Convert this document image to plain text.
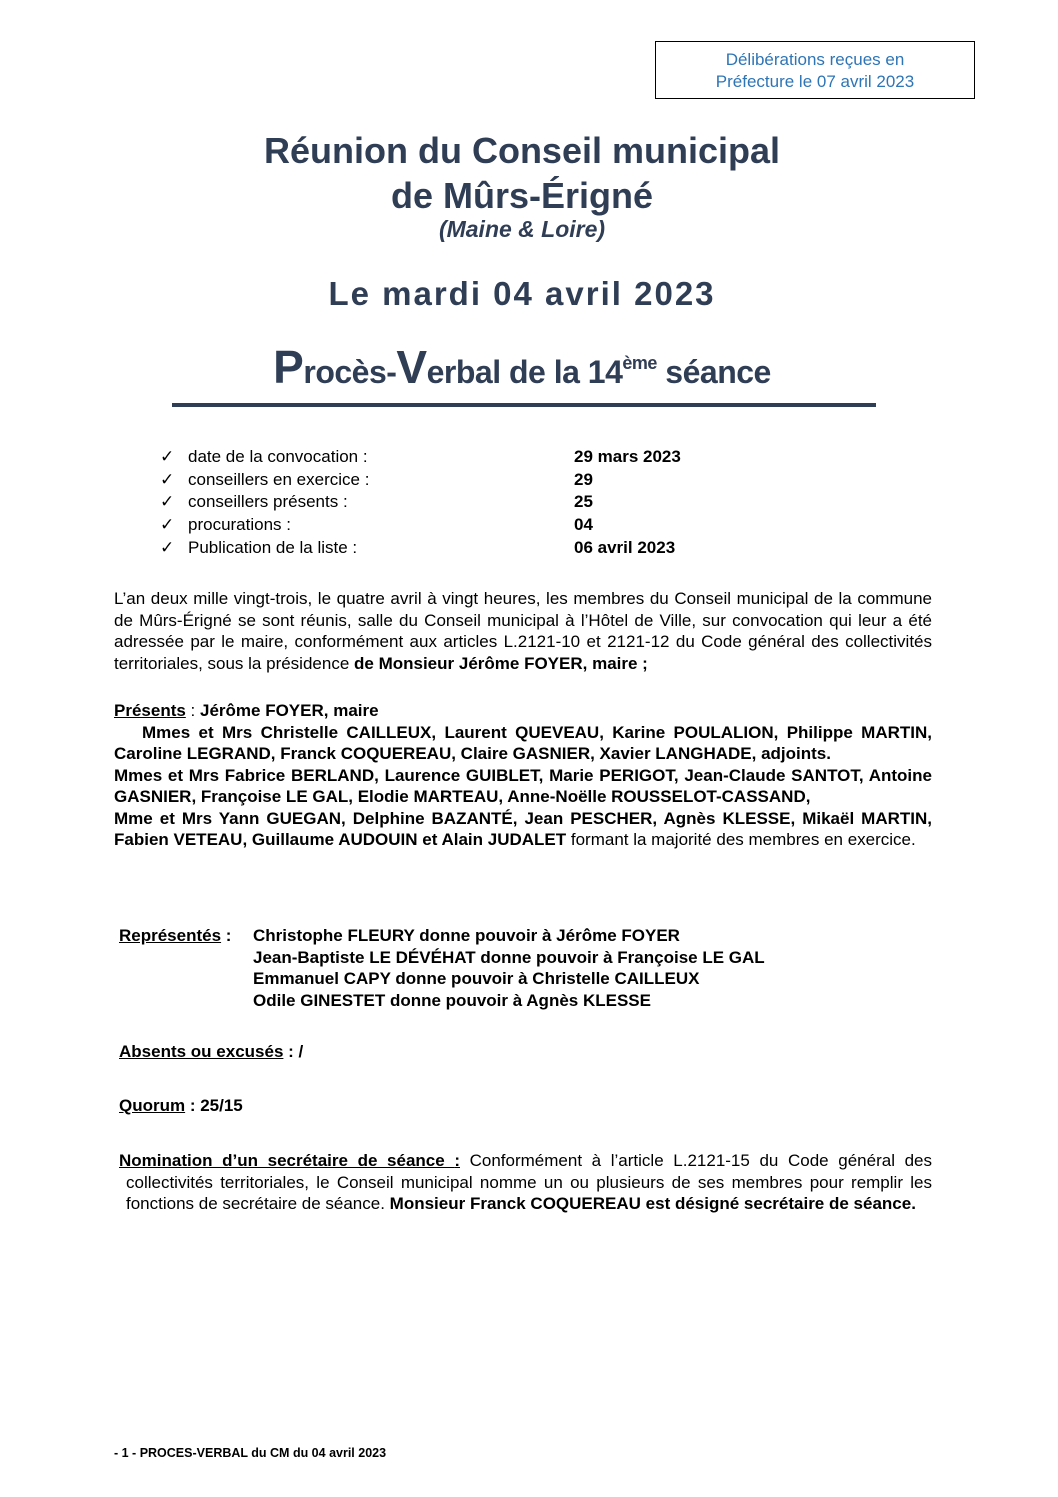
Délibérations reçues en
Préfecture le 07 avril 2023
Réunion du Conseil municipal
de Mûrs-Érigné
(Maine & Loire)
Le mardi 04 avril 2023
Procès-Verbal de la 14ème séance
✓ date de la convocation :	29 mars 2023
✓ conseillers en exercice :	29
✓ conseillers présents :	25
✓ procurations :	04
✓ Publication de la liste :	06 avril 2023
L’an deux mille vingt-trois, le quatre avril à vingt heures, les membres du Conseil municipal de la commune de Mûrs-Érigné se sont réunis, salle du Conseil municipal à l’Hôtel de Ville, sur convocation qui leur a été adressée par le maire, conformément aux articles L.2121-10 et 2121-12 du Code général des collectivités territoriales, sous la présidence de Monsieur Jérôme FOYER, maire ;
Présents : Jérôme FOYER, maire
Mmes et Mrs Christelle CAILLEUX, Laurent QUEVEAU, Karine POULALION, Philippe MARTIN, Caroline LEGRAND, Franck COQUEREAU, Claire GASNIER, Xavier LANGHADE, adjoints.
Mmes et Mrs Fabrice BERLAND, Laurence GUIBLET, Marie PERIGOT, Jean-Claude SANTOT, Antoine GASNIER, Françoise LE GAL, Elodie MARTEAU, Anne-Noëlle ROUSSELOT-CASSAND,
Mme et Mrs Yann GUEGAN, Delphine BAZANTÉ, Jean PESCHER, Agnès KLESSE, Mikaël MARTIN, Fabien VETEAU, Guillaume AUDOUIN et Alain JUDALET formant la majorité des membres en exercice.
Représentés : Christophe FLEURY donne pouvoir à Jérôme FOYER
Jean-Baptiste LE DÉVÉHAT donne pouvoir à Françoise LE GAL
Emmanuel CAPY donne pouvoir à Christelle CAILLEUX
Odile GINESTET donne pouvoir à Agnès KLESSE
Absents ou excusés : /
Quorum : 25/15
Nomination d’un secrétaire de séance : Conformément à l’article L.2121-15 du Code général des
collectivités territoriales, le Conseil municipal nomme un ou plusieurs de ses membres pour remplir les fonctions de secrétaire de séance. Monsieur Franck COQUEREAU est désigné secrétaire de séance.
- 1 - PROCES-VERBAL du CM du 04 avril 2023
